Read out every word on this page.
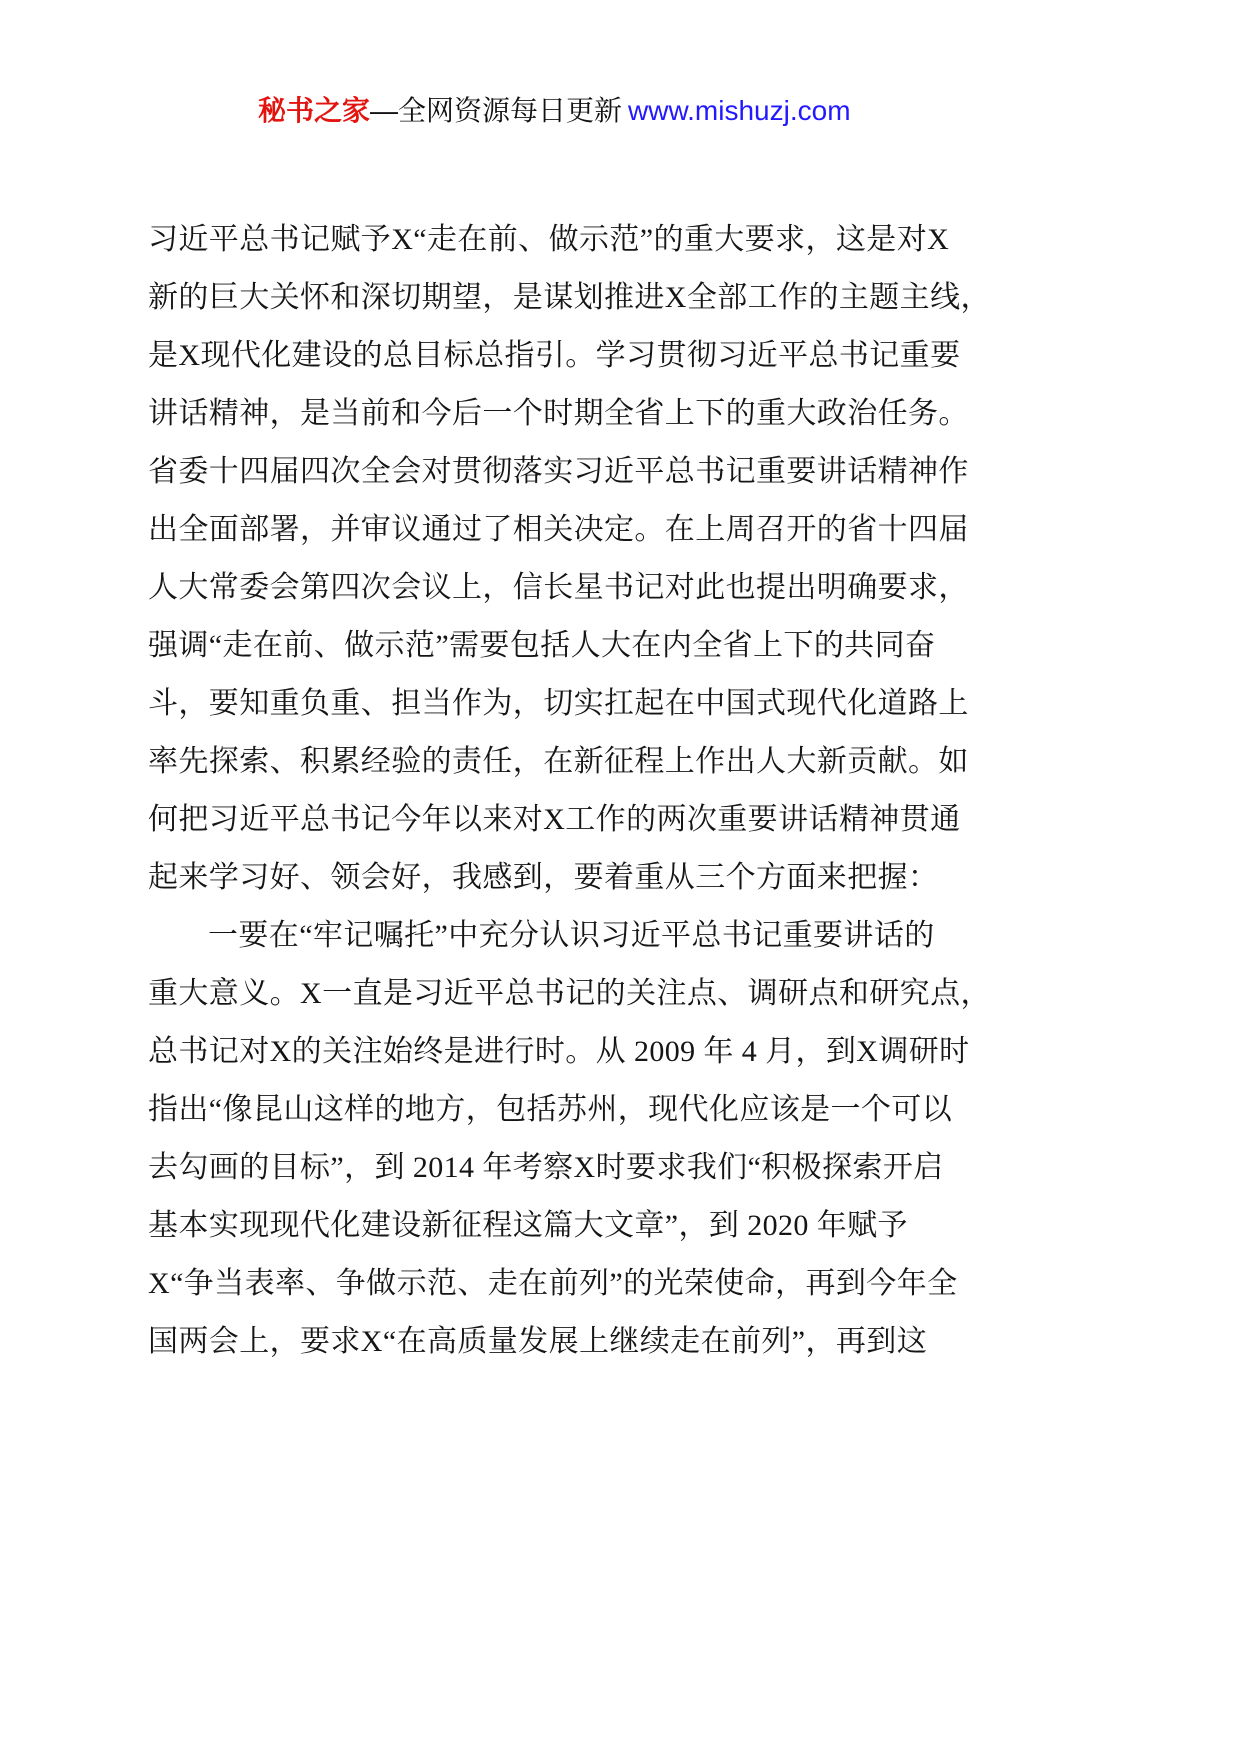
秘书之家—全网资源每日更新 www.mishuzj.com
习近平总书记赋予X“走在前、做示范”的重大要求，这是对X
新的巨大关怀和深切期望，是谋划推进X全部工作的主题主线，
是X现代化建设的总目标总指引。学习贯彻习近平总书记重要
讲话精神，是当前和今后一个时期全省上下的重大政治任务。
省委十四届四次全会对贯彻落实习近平总书记重要讲话精神作
出全面部署，并审议通过了相关决定。在上周召开的省十四届
人大常委会第四次会议上，信长星书记对此也提出明确要求，
强调“走在前、做示范”需要包括人大在内全省上下的共同奋
斗，要知重负重、担当作为，切实扛起在中国式现代化道路上
率先探索、积累经验的责任，在新征程上作出人大新贡献。如
何把习近平总书记今年以来对X工作的两次重要讲话精神贯通
起来学习好、领会好，我感到，要着重从三个方面来把握：
一要在“牢记嘱托”中充分认识习近平总书记重要讲话的
重大意义。X一直是习近平总书记的关注点、调研点和研究点，
总书记对X的关注始终是进行时。从 2009 年 4 月，到X调研时
指出“像昆山这样的地方，包括苏州，现代化应该是一个可以
去勾画的目标”，到 2014 年考察X时要求我们“积极探索开启
基本实现现代化建设新征程这篇大文章”，到 2020 年赋予
X“争当表率、争做示范、走在前列”的光荣使命，再到今年全
国两会上，要求X“在高质量发展上继续走在前列”，再到这
